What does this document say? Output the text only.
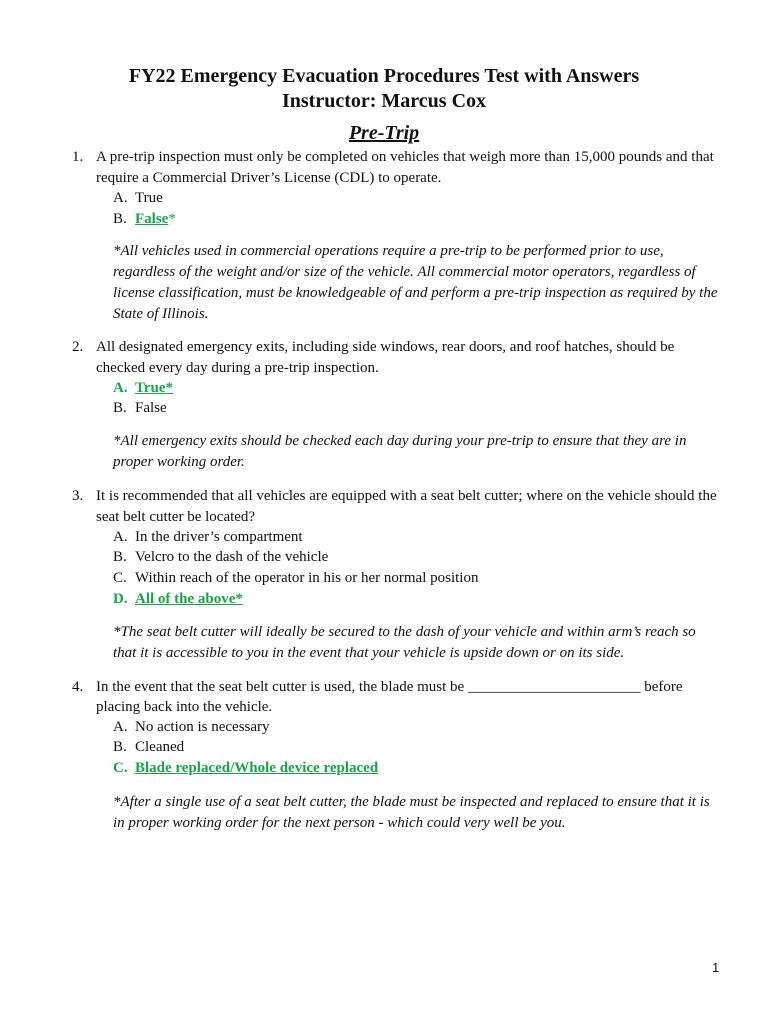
FY22 Emergency Evacuation Procedures Test with Answers
Instructor: Marcus Cox
Pre-Trip
1. A pre-trip inspection must only be completed on vehicles that weigh more than 15,000 pounds and that
require a Commercial Driver’s License (CDL) to operate.
A. True
B. False*
*All vehicles used in commercial operations require a pre-trip to be performed prior to use,
regardless of the weight and/or size of the vehicle. All commercial motor operators, regardless of
license classification, must be knowledgeable of and perform a pre-trip inspection as required by the
State of Illinois.
2. All designated emergency exits, including side windows, rear doors, and roof hatches, should be
checked every day during a pre-trip inspection.
A. True*
B. False
*All emergency exits should be checked each day during your pre-trip to ensure that they are in
proper working order.
3. It is recommended that all vehicles are equipped with a seat belt cutter; where on the vehicle should the
seat belt cutter be located?
A. In the driver’s compartment
B. Velcro to the dash of the vehicle
C. Within reach of the operator in his or her normal position
D. All of the above*
*The seat belt cutter will ideally be secured to the dash of your vehicle and within arm’s reach so
that it is accessible to you in the event that your vehicle is upside down or on its side.
4. In the event that the seat belt cutter is used, the blade must be _______________________ before
placing back into the vehicle.
A. No action is necessary
B. Cleaned
C. Blade replaced/Whole device replaced
*After a single use of a seat belt cutter, the blade must be inspected and replaced to ensure that it is
in proper working order for the next person - which could very well be you.
1
